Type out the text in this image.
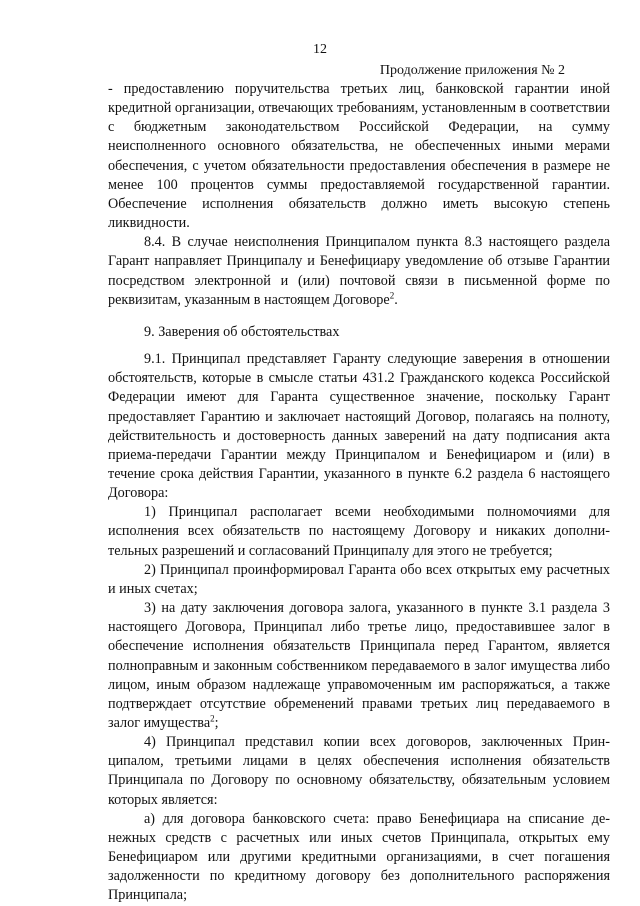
12
Продолжение приложения № 2

- предоставлению поручительства третьих лиц, банковской гарантии иной кредитной организации, отвечающих требованиям, установленным в соответствии с бюджетным законодательством Российской Федерации, на сумму неисполненного основного обязательства, не обеспеченных иными мерами обеспечения, с учетом обязательности предоставления обеспечения в размере не менее 100 процентов суммы предоставляемой государственной гарантии. Обеспечение исполнения обязательств должно иметь высокую степень ликвидности.

8.4. В случае неисполнения Принципалом пункта 8.3 настоящего раздела Гарант направляет Принципалу и Бенефициару уведомление об отзыве Гарантии посредством электронной и (или) почтовой связи в письменной форме по реквизитам, указанным в настоящем Договоре$^2$.

9. Заверения об обстоятельствах

9.1. Принципал представляет Гаранту следующие заверения в отношении обстоятельств, которые в смысле статьи 431.2 Гражданского кодекса Российской Федерации имеют для Гаранта существенное значение, поскольку Гарант предоставляет Гарантию и заключает настоящий Договор, полагаясь на полноту, действительность и достоверность данных заверений на дату подписания акта приема-передачи Гарантии между Принципалом и Бенефициаром и (или) в течение срока действия Гарантии, указанного в пункте 6.2 раздела 6 настоящего Договора:

1) Принципал располагает всеми необходимыми полномочиями для исполнения всех обязательств по настоящему Договору и никаких дополнительных разрешений и согласований Принципалу для этого не требуется;

2) Принципал проинформировал Гаранта обо всех открытых ему расчетных и иных счетах;

3) на дату заключения договора залога, указанного в пункте 3.1 раздела 3 настоящего Договора, Принципал либо третье лицо, предоставившее залог в обеспечение исполнения обязательств Принципала перед Гарантом, является полноправным и законным собственником передаваемого в залог имущества либо лицом, иным образом надлежаще управомоченным им распоряжаться, а также подтверждает отсутствие обременений правами третьих лиц передаваемого в залог имущества$^2$;

4) Принципал представил копии всех договоров, заключенных Принципалом, третьими лицами в целях обеспечения исполнения обязательств Принципала по Договору по основному обязательству, обязательным условием которых является:

а) для договора банковского счета: право Бенефициара на списание денежных средств с расчетных или иных счетов Принципала, открытых ему Бенефициаром или другими кредитными организациями, в счет погашения задолженности по кредитному договору без дополнительного распоряжения Принципала;
